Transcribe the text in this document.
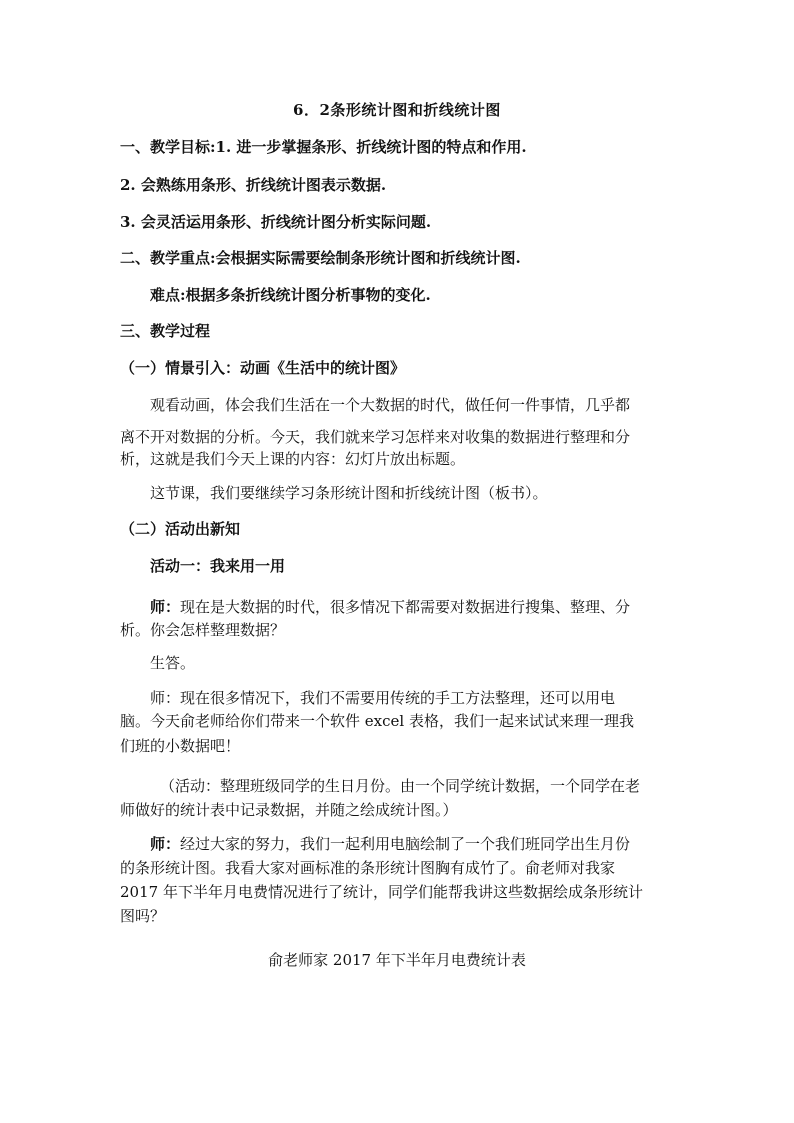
6．2条形统计图和折线统计图
一、教学目标:1. 进一步掌握条形、折线统计图的特点和作用.
2. 会熟练用条形、折线统计图表示数据.
3. 会灵活运用条形、折线统计图分析实际问题.
二、教学重点:会根据实际需要绘制条形统计图和折线统计图.
难点:根据多条折线统计图分析事物的变化.
三、教学过程
（一）情景引入：动画《生活中的统计图》
观看动画，体会我们生活在一个大数据的时代，做任何一件事情，几乎都
离不开对数据的分析。今天，我们就来学习怎样来对收集的数据进行整理和分
析，这就是我们今天上课的内容：幻灯片放出标题。
这节课，我们要继续学习条形统计图和折线统计图（板书）。
（二）活动出新知
活动一：我来用一用
师：现在是大数据的时代，很多情况下都需要对数据进行搜集、整理、分
析。你会怎样整理数据？
生答。
师：现在很多情况下，我们不需要用传统的手工方法整理，还可以用电
脑。今天俞老师给你们带来一个软件 excel 表格，我们一起来试试来理一理我
们班的小数据吧！
（活动：整理班级同学的生日月份。由一个同学统计数据，一个同学在老
师做好的统计表中记录数据，并随之绘成统计图。）
师：经过大家的努力，我们一起利用电脑绘制了一个我们班同学出生月份
的条形统计图。我看大家对画标准的条形统计图胸有成竹了。俞老师对我家
2017 年下半年月电费情况进行了统计，同学们能帮我讲这些数据绘成条形统计
图吗？
俞老师家 2017 年下半年月电费统计表
